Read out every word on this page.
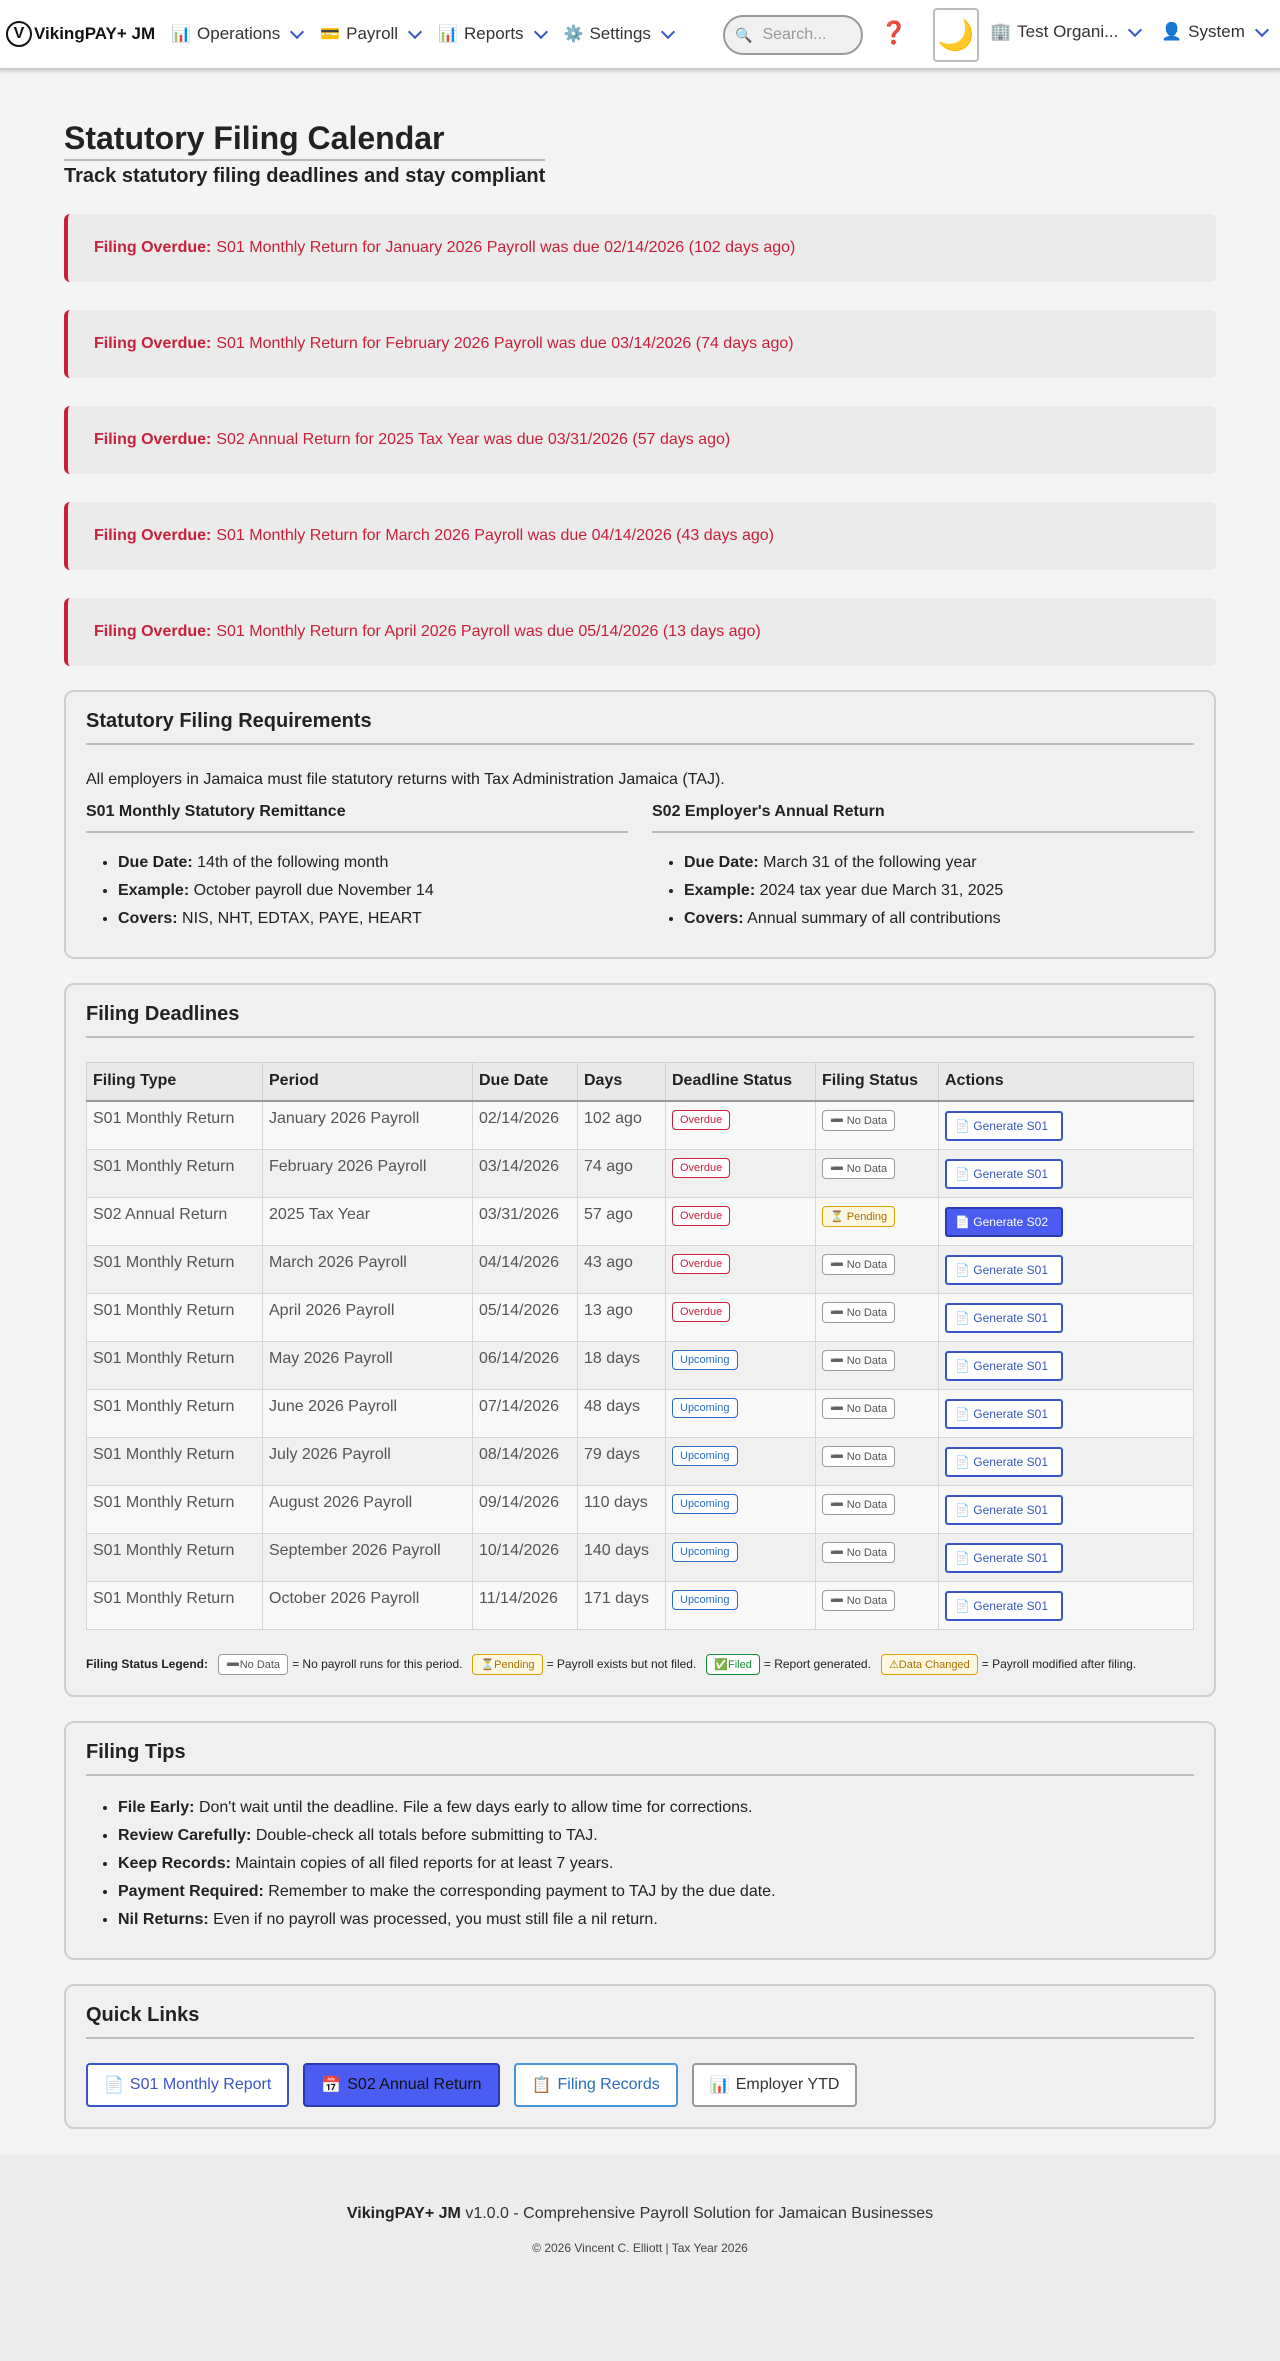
V VikingPAY+ JM 📊 Operations	💳 Payroll	📊 Reports	⚙️ Settings	🔍 Search... ❓ 🌙 🏢 Test Organi...	👤 System
Statutory Filing Calendar
Track statutory filing deadlines and stay compliant
Filing Overdue: S01 Monthly Return for January 2026 Payroll was due 02/14/2026 (102 days ago)
Filing Overdue: S01 Monthly Return for February 2026 Payroll was due 03/14/2026 (74 days ago)
Filing Overdue: S02 Annual Return for 2025 Tax Year was due 03/31/2026 (57 days ago)
Filing Overdue: S01 Monthly Return for March 2026 Payroll was due 04/14/2026 (43 days ago)
Filing Overdue: S01 Monthly Return for April 2026 Payroll was due 05/14/2026 (13 days ago)
Statutory Filing Requirements

All employers in Jamaica must file statutory returns with Tax Administration Jamaica (TAJ).

S01 Monthly Statutory Remittance
• Due Date: 14th of the following month
• Example: October payroll due November 14
• Covers: NIS, NHT, EDTAX, PAYE, HEART
S02 Employer's Annual Return
• Due Date: March 31 of the following year
• Example: 2024 tax year due March 31, 2025
• Covers: Annual summary of all contributions
Filing Deadlines
Filing Type	Period	Due Date	Days	Deadline Status	Filing Status	Actions
S01 Monthly Return	January 2026 Payroll	02/14/2026	102 ago	Overdue	➖ No Data	📄 Generate S01
S01 Monthly Return	February 2026 Payroll	03/14/2026	74 ago	Overdue	➖ No Data	📄 Generate S01
S02 Annual Return	2025 Tax Year	03/31/2026	57 ago	Overdue	⏳ Pending	📄 Generate S02
S01 Monthly Return	March 2026 Payroll	04/14/2026	43 ago	Overdue	➖ No Data	📄 Generate S01
S01 Monthly Return	April 2026 Payroll	05/14/2026	13 ago	Overdue	➖ No Data	📄 Generate S01
S01 Monthly Return	May 2026 Payroll	06/14/2026	18 days	Upcoming	➖ No Data	📄 Generate S01
S01 Monthly Return	June 2026 Payroll	07/14/2026	48 days	Upcoming	➖ No Data	📄 Generate S01
S01 Monthly Return	July 2026 Payroll	08/14/2026	79 days	Upcoming	➖ No Data	📄 Generate S01
S01 Monthly Return	August 2026 Payroll	09/14/2026	110 days	Upcoming	➖ No Data	📄 Generate S01
S01 Monthly Return	September 2026 Payroll	10/14/2026	140 days	Upcoming	➖ No Data	📄 Generate S01
S01 Monthly Return	October 2026 Payroll	11/14/2026	171 days	Upcoming	➖ No Data	📄 Generate S01
Filing Status Legend:	➖No Data	= No payroll runs for this period.	⏳Pending	= Payroll exists but not filed.	✅Filed	= Report generated.	⚠Data Changed	= Payroll modified after filing.
Filing Tips
• File Early: Don't wait until the deadline. File a few days early to allow time for corrections.
• Review Carefully: Double-check all totals before submitting to TAJ.
• Keep Records: Maintain copies of all filed reports for at least 7 years.
• Payment Required: Remember to make the corresponding payment to TAJ by the due date.
• Nil Returns: Even if no payroll was processed, you must still file a nil return.
Quick Links
📄 S01 Monthly Report	📅 S02 Annual Return	📋 Filing Records	📊 Employer YTD
VikingPAY+ JM v1.0.0 - Comprehensive Payroll Solution for Jamaican Businesses
© 2026 Vincent C. Elliott | Tax Year 2026
